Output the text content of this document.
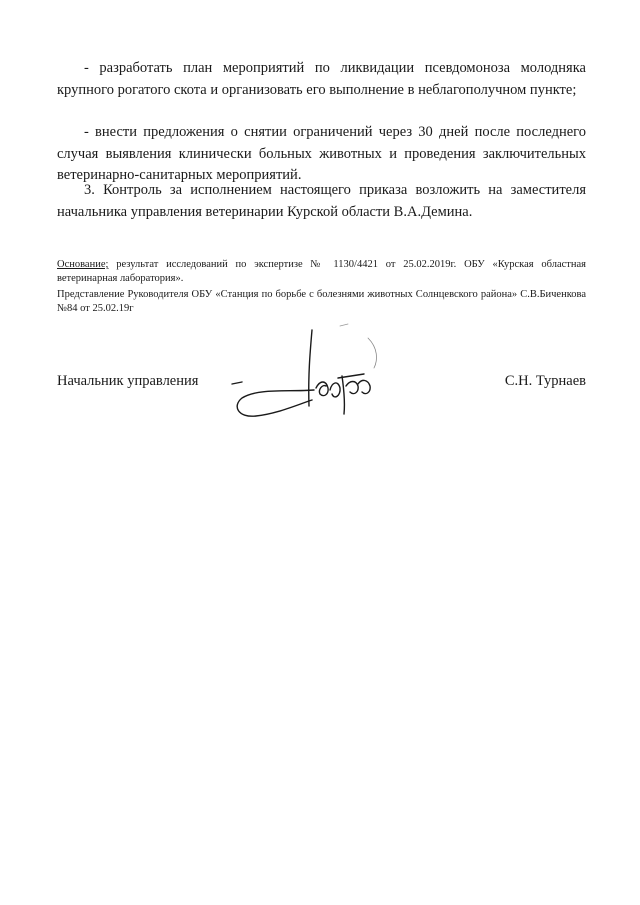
- разработать план мероприятий по ликвидации псевдомоноза молодняка крупного рогатого скота и организовать его выполнение в неблагополучном пункте;

- внести предложения о снятии ограничений через 30 дней после последнего случая выявления клинически больных животных и проведения заключительных ветеринарно-санитарных мероприятий.

3. Контроль за исполнением настоящего приказа возложить на заместителя начальника управления ветеринарии Курской области В.А.Демина.

Основание; результат исследований по экспертизе № 1130/4421 от 25.02.2019г. ОБУ «Курская областная ветеринарная лаборатория».

Представление Руководителя ОБУ «Станция по борьбе с болезнями животных Солнцевского района» С.В.Биченкова №84 от 25.02.19г

Начальник управления	С.Н. Турнаев
